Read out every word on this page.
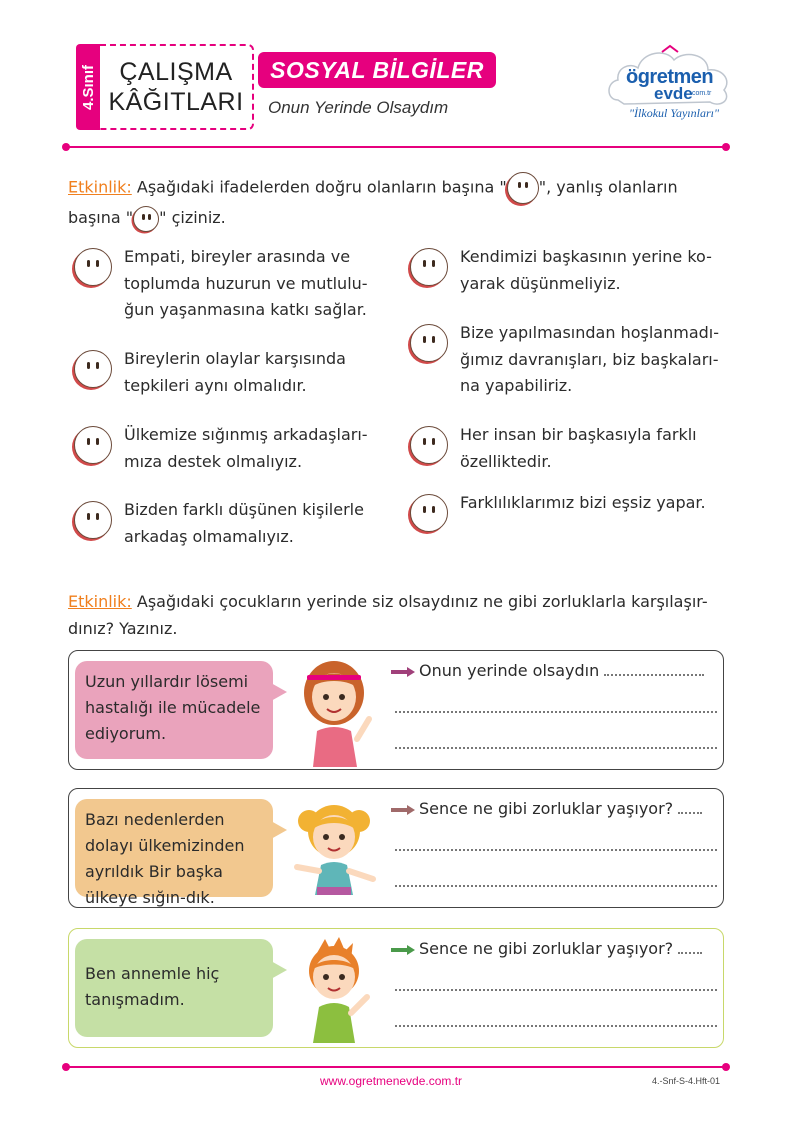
4.Sınıf ÇALIŞMA
KÂĞITLARI
SOSYAL BİLGİLER
Onun Yerinde Olsaydım
ögretmen
evde
.com.tr
"İlkokul Yayınları"
Etkinlik: Aşağıdaki ifadelerden doğru olanların başına " ", yanlış olanların
başına " " çiziniz.
Empati, bireyler arasında ve toplumda huzurun ve mutlulu-ğun yaşanmasına katkı sağlar.
Bireylerin olaylar karşısında tepkileri aynı olmalıdır.
Ülkemize sığınmış arkadaşları-mıza destek olmalıyız.
Bizden farklı düşünen kişilerle arkadaş olmamalıyız.
Kendimizi başkasının yerine ko-yarak düşünmeliyiz.
Bize yapılmasından hoşlanmadı-ğımız davranışları, biz başkaları-na yapabiliriz.
Her insan bir başkasıyla farklı özelliktedir.
Farklılıklarımız bizi eşsiz yapar.
Etkinlik: Aşağıdaki çocukların yerinde siz olsaydınız ne gibi zorluklarla karşılaşır-
dınız? Yazınız.
Uzun yıllardır lösemi hastalığı ile mücadele ediyorum.
Onun yerinde olsaydın
Bazı nedenlerden dolayı ülkemizinden ayrıldık Bir başka ülkeye sığın-dık.
Sence ne gibi zorluklar yaşıyor?
Ben annemle hiç tanışmadım.
Sence ne gibi zorluklar yaşıyor?
www.ogretmenevde.com.tr	4.-Snf-S-4.Hft-01
